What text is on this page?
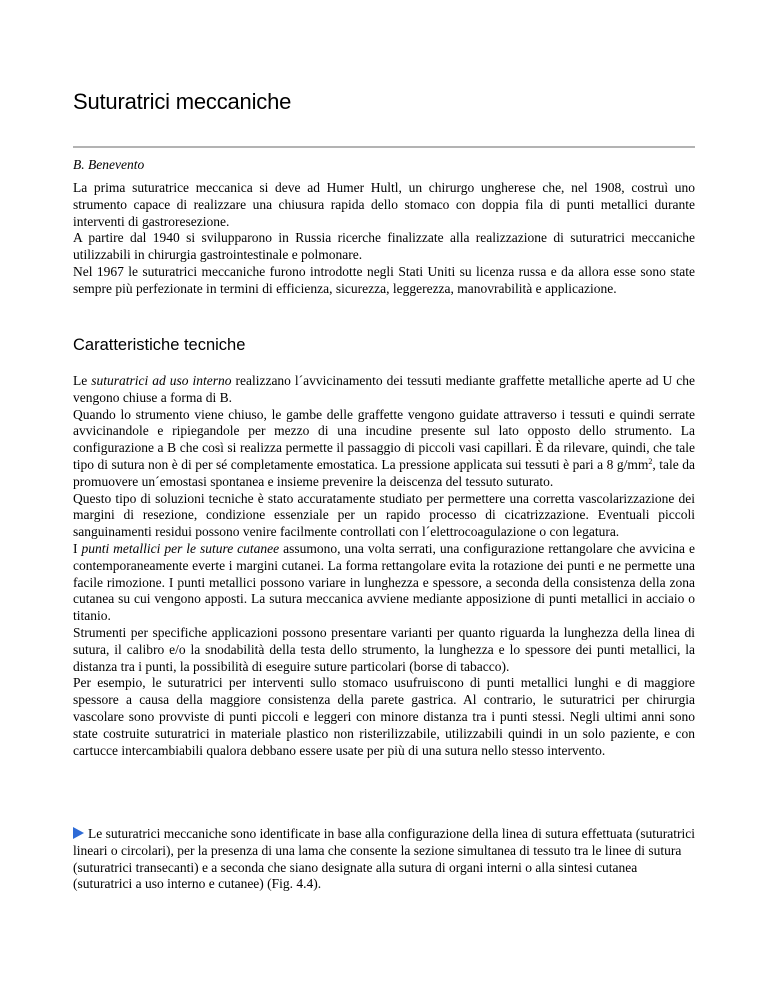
Suturatrici meccaniche
B. Benevento

La prima suturatrice meccanica si deve ad Humer Hultl, un chirurgo ungherese che, nel 1908, costruì uno strumento capace di realizzare una chiusura rapida dello stomaco con doppia fila di punti metallici durante interventi di gastroresezione.

A partire dal 1940 si svilupparono in Russia ricerche finalizzate alla realizzazione di suturatrici meccaniche utilizzabili in chirurgia gastrointestinale e polmonare.

Nel 1967 le suturatrici meccaniche furono introdotte negli Stati Uniti su licenza russa e da allora esse sono state sempre più perfezionate in termini di efficienza, sicurezza, leggerezza, manovrabilità e applicazione.

Caratteristiche tecniche

Le suturatrici ad uso interno realizzano l´avvicinamento dei tessuti mediante graffette metalliche aperte ad U che vengono chiuse a forma di B.

Quando lo strumento viene chiuso, le gambe delle graffette vengono guidate attraverso i tessuti e quindi serrate avvicinandole e ripiegandole per mezzo di una incudine presente sul lato opposto dello strumento. La configurazione a B che così si realizza permette il passaggio di piccoli vasi capillari. È da rilevare, quindi, che tale tipo di sutura non è di per sé completamente emostatica. La pressione applicata sui tessuti è pari a 8 $g/mm^2$, tale da promuovere un´emostasi spontanea e insieme prevenire la deiscenza del tessuto suturato.

Questo tipo di soluzioni tecniche è stato accuratamente studiato per permettere una corretta vascolarizzazione dei margini di resezione, condizione essenziale per un rapido processo di cicatrizzazione. Eventuali piccoli sanguinamenti residui possono venire facilmente controllati con l´elettrocoagulazione o con legatura.

I punti metallici per le suture cutanee assumono, una volta serrati, una configurazione rettangolare che avvicina e contemporaneamente everte i margini cutanei. La forma rettangolare evita la rotazione dei punti e ne permette una facile rimozione. I punti metallici possono variare in lunghezza e spessore, a seconda della consistenza della zona cutanea su cui vengono apposti. La sutura meccanica avviene mediante apposizione di punti metallici in acciaio o titanio.

Strumenti per specifiche applicazioni possono presentare varianti per quanto riguarda la lunghezza della linea di sutura, il calibro e/o la snodabilità della testa dello strumento, la lunghezza e lo spessore dei punti metallici, la distanza tra i punti, la possibilità di eseguire suture particolari (borse di tabacco).

Per esempio, le suturatrici per interventi sullo stomaco usufruiscono di punti metallici lunghi e di maggiore spessore a causa della maggiore consistenza della parete gastrica. Al contrario, le suturatrici per chirurgia vascolare sono provviste di punti piccoli e leggeri con minore distanza tra i punti stessi. Negli ultimi anni sono state costruite suturatrici in materiale plastico non risterilizzabile, utilizzabili quindi in un solo paziente, e con cartucce intercambiabili qualora debbano essere usate per più di una sutura nello stesso intervento.

Le suturatrici meccaniche sono identificate in base alla configurazione della linea di sutura effettuata (suturatrici lineari o circolari), per la presenza di una lama che consente la sezione simultanea di tessuto tra le linee di sutura (suturatrici transecanti) e a seconda che siano designate alla sutura di organi interni o alla sintesi cutanea (suturatrici a uso interno e cutanee) (Fig. 4.4).
